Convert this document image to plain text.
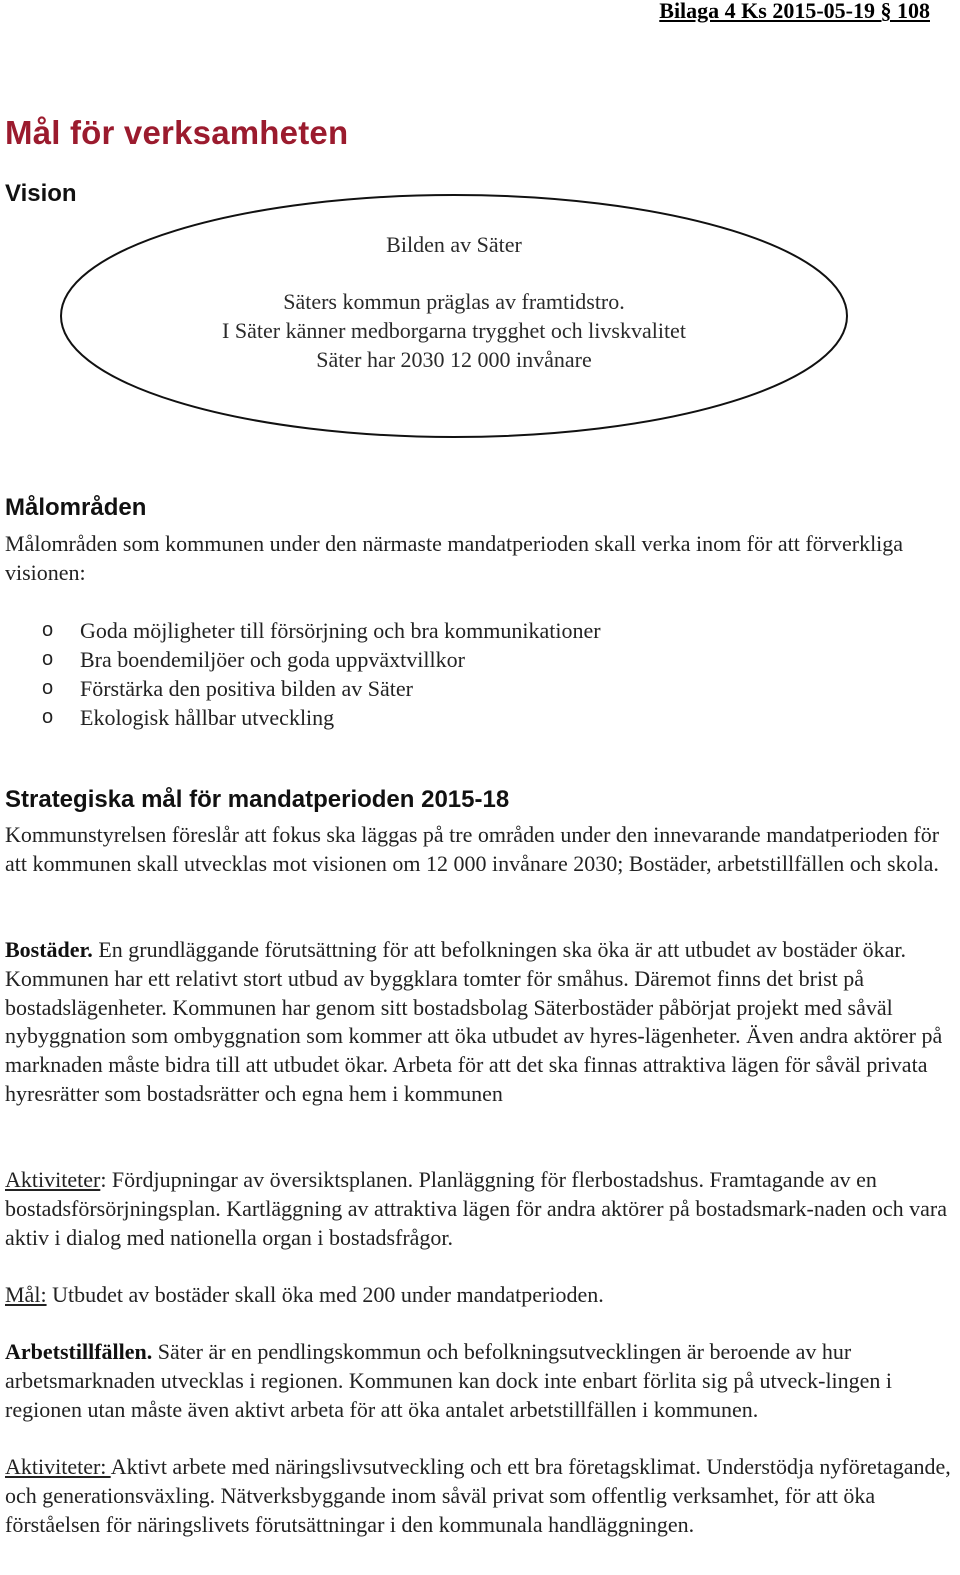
Bilaga 4 Ks 2015-05-19 § 108
Mål för verksamheten
Vision

Bilden av Säter

Säters kommun präglas av framtidstro.

I Säter känner medborgarna trygghet och livskvalitet

Säter har 2030 12 000 invånare

Målområden

Målområden som kommunen under den närmaste mandatperioden skall verka inom för att förverkliga visionen:

o Goda möjligheter till försörjning och bra kommunikationer
o Bra boendemiljöer och goda uppväxtvillkor
o Förstärka den positiva bilden av Säter
o Ekologisk hållbar utveckling
Strategiska mål för mandatperioden 2015-18

Kommunstyrelsen föreslår att fokus ska läggas på tre områden under den innevarande mandatperioden för att kommunen skall utvecklas mot visionen om 12 000 invånare 2030; Bostäder, arbetstillfällen och skola.

Bostäder. En grundläggande förutsättning för att befolkningen ska öka är att utbudet av bostäder ökar. Kommunen har ett relativt stort utbud av byggklara tomter för småhus. Däremot finns det brist på bostadslägenheter. Kommunen har genom sitt bostadsbolag Säterbostäder påbörjat projekt med såväl nybyggnation som ombyggnation som kommer att öka utbudet av hyres-lägenheter. Även andra aktörer på marknaden måste bidra till att utbudet ökar. Arbeta för att det ska finnas attraktiva lägen för såväl privata hyresrätter som bostadsrätter och egna hem i kommunen

Aktiviteter: Fördjupningar av översiktsplanen. Planläggning för flerbostadshus. Framtagande av en bostadsförsörjningsplan. Kartläggning av attraktiva lägen för andra aktörer på bostadsmark-naden och vara aktiv i dialog med nationella organ i bostadsfrågor.

Mål: Utbudet av bostäder skall öka med 200 under mandatperioden.

Arbetstillfällen. Säter är en pendlingskommun och befolkningsutvecklingen är beroende av hur arbetsmarknaden utvecklas i regionen. Kommunen kan dock inte enbart förlita sig på utveck-lingen i regionen utan måste även aktivt arbeta för att öka antalet arbetstillfällen i kommunen.

Aktiviteter: Aktivt arbete med näringslivsutveckling och ett bra företagsklimat. Understödja nyföretagande, och generationsväxling. Nätverksbyggande inom såväl privat som offentlig verksamhet, för att öka förståelsen för näringslivets förutsättningar i den kommunala handläggningen.
